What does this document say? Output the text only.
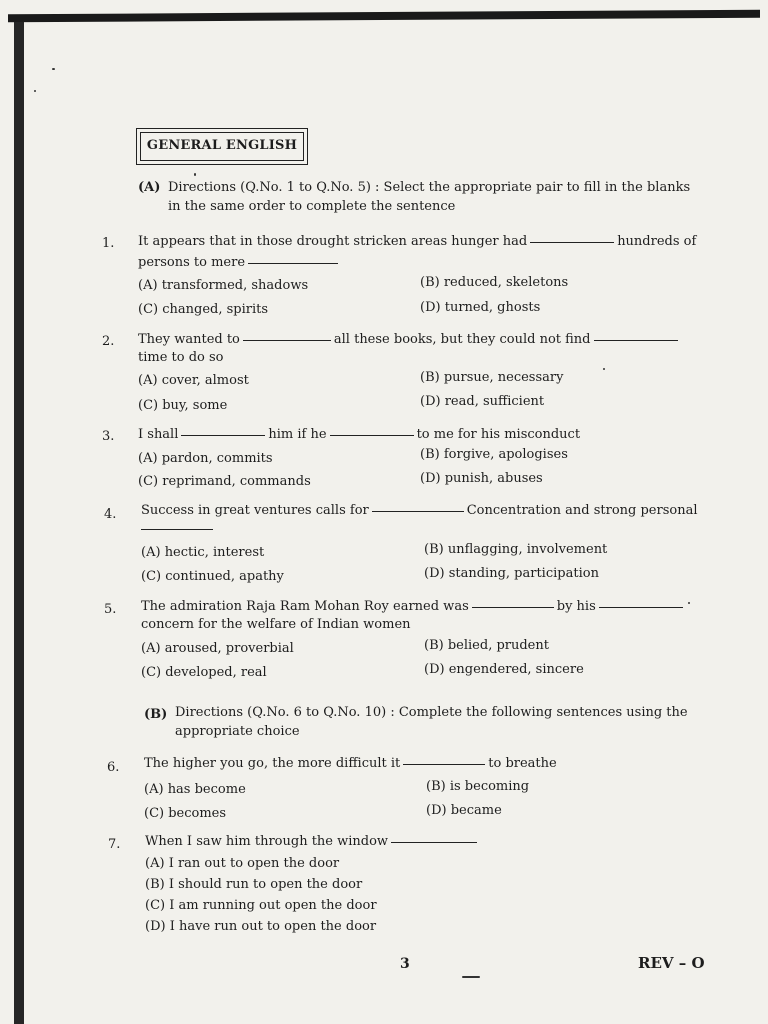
GENERAL ENGLISH
(A) Directions (Q.No. 1 to Q.No. 5) : Select the appropriate pair to fill in the blanks
in the same order to complete the sentence
1. It appears that in those drought stricken areas hunger had	hundreds of
persons to mere
(A) transformed, shadows	(B) reduced, skeletons
(C) changed, spirits	(D) turned, ghosts
2. They wanted to	all these books, but they could not find
time to do so
(A) cover, almost	(B) pursue, necessary
(C) buy, some	(D) read, sufficient
3. I shall	him if he	to me for his misconduct
(A) pardon, commits	(B) forgive, apologises
(C) reprimand, commands	(D) punish, abuses
4. Success in great ventures calls for	Concentration and strong personal
(A) hectic, interest	(B) unflagging, involvement
(C) continued, apathy	(D) standing, participation
5. The admiration Raja Ram Mohan Roy earned was	by his
concern for the welfare of Indian women
(A) aroused, proverbial	(B) belied, prudent
(C) developed, real	(D) engendered, sincere
(B) Directions (Q.No. 6 to Q.No. 10) : Complete the following sentences using the
appropriate choice
6. The higher you go, the more difficult it	to breathe
(A) has become	(B) is becoming
(C) becomes	(D) became
7. When I saw him through the window
(A) I ran out to open the door
(B) I should run to open the door
(C) I am running out open the door
(D) I have run out to open the door
3	REV – O
